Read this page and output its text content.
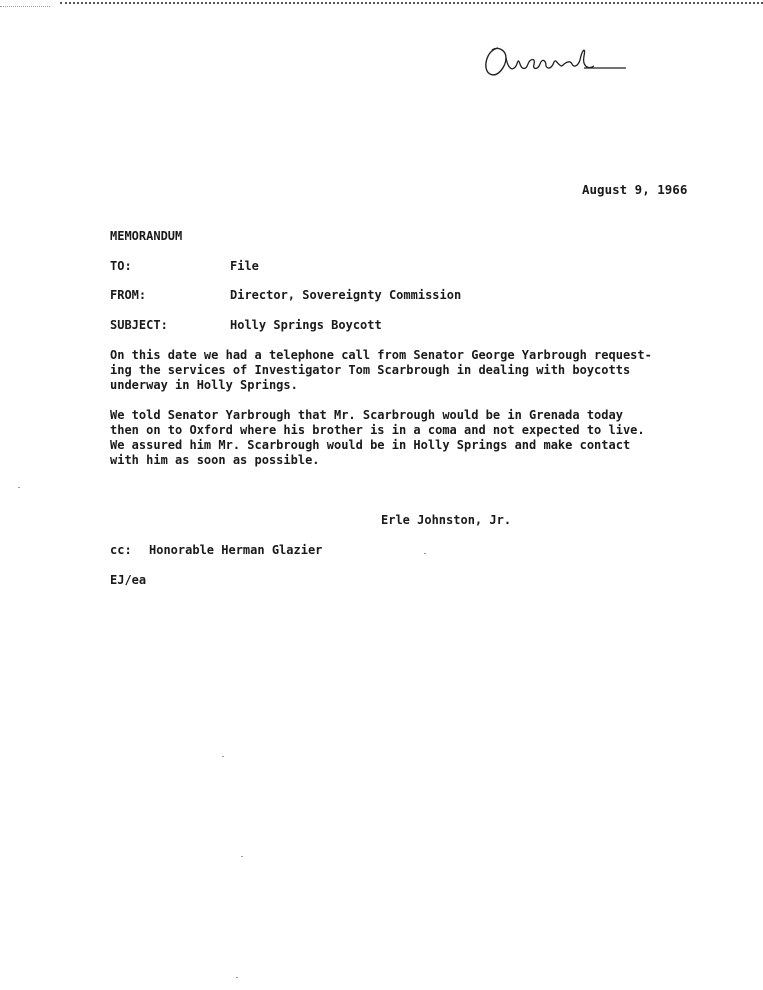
August 9, 1966
MEMORANDUM
TO:	File
FROM:	Director, Sovereignty Commission
SUBJECT:	Holly Springs Boycott
On this date we had a telephone call from Senator George Yarbrough request-
ing the services of Investigator Tom Scarbrough in dealing with boycotts
underway in Holly Springs.
We told Senator Yarbrough that Mr. Scarbrough would be in Grenada today
then on to Oxford where his brother is in a coma and not expected to live.
We assured him Mr. Scarbrough would be in Holly Springs and make contact
with him as soon as possible.
Erle Johnston, Jr.
cc: Honorable Herman Glazier
EJ/ea
